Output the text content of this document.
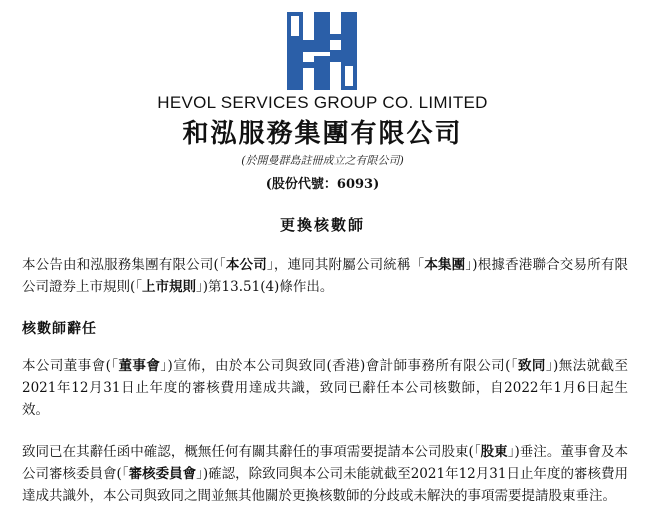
HEVOL SERVICES GROUP CO. LIMITED
和泓服務集團有限公司
(於開曼群島註冊成立之有限公司)
(股份代號：6093)
更換核數師
本公告由和泓服務集團有限公司(「本公司」，連同其附屬公司統稱「本集團」)根據香港聯合交易所有限公司證券上市規則(「上市規則」)第13.51(4)條作出。
核數師辭任
本公司董事會(「董事會」)宣佈，由於本公司與致同(香港)會計師事務所有限公司(「致同」)無法就截至2021年12月31日止年度的審核費用達成共識，致同已辭任本公司核數師，自2022年1月6日起生效。
致同已在其辭任函中確認，概無任何有關其辭任的事項需要提請本公司股東(「股東」)垂注。董事會及本公司審核委員會(「審核委員會」)確認，除致同與本公司未能就截至2021年12月31日止年度的審核費用達成共識外，本公司與致同之間並無其他關於更換核數師的分歧或未解決的事項需要提請股東垂注。
